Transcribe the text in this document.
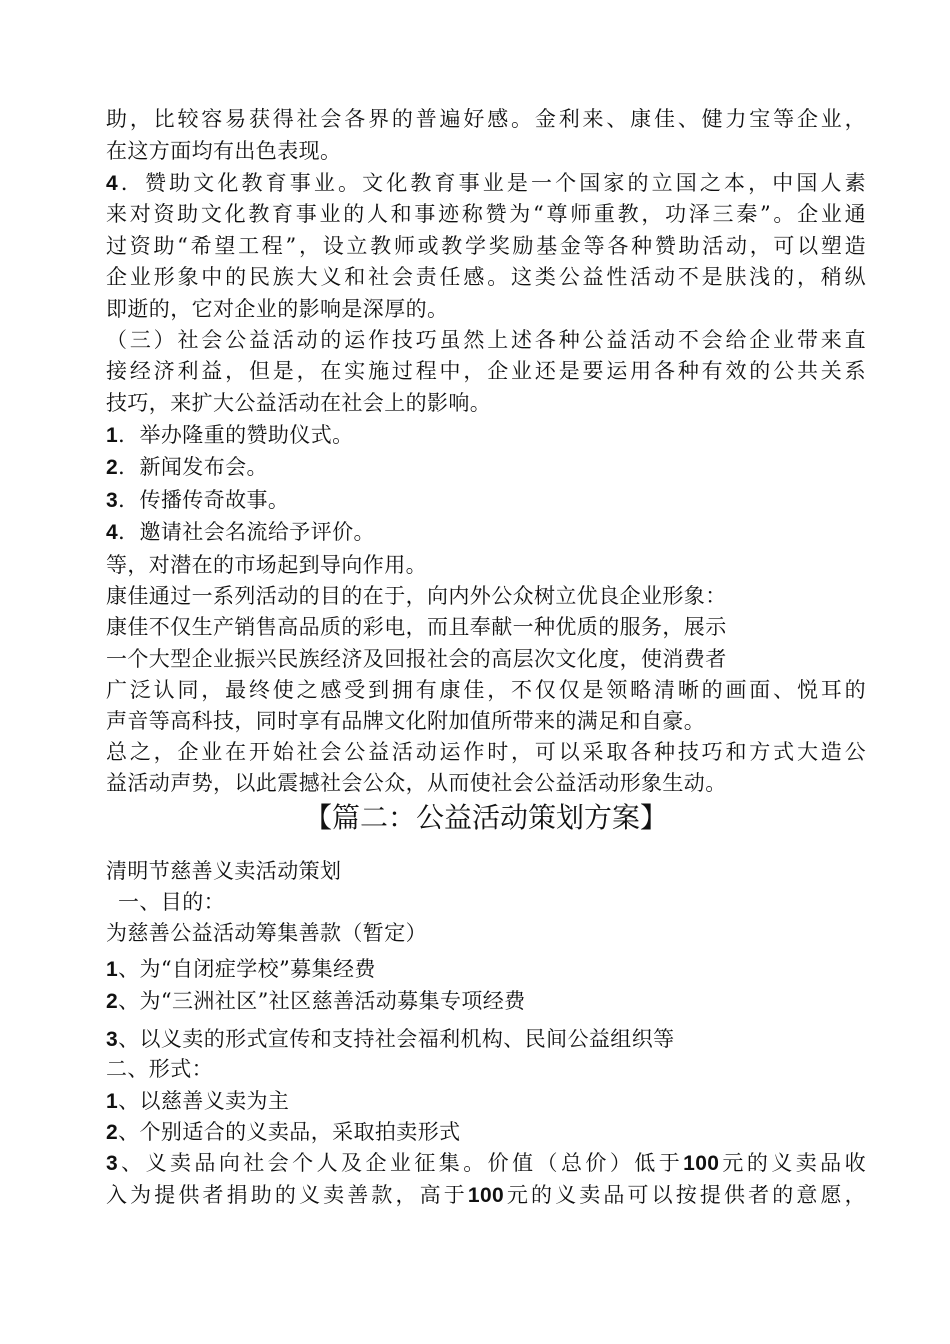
助，比较容易获得社会各界的普遍好感。金利来、康佳、健力宝等企业，
在这方面均有出色表现。
4．赞助文化教育事业。文化教育事业是一个国家的立国之本，中国人素
来对资助文化教育事业的人和事迹称赞为“尊师重教，功泽三秦”。企业通
过资助“希望工程”，设立教师或教学奖励基金等各种赞助活动，可以塑造
企业形象中的民族大义和社会责任感。这类公益性活动不是肤浅的，稍纵
即逝的，它对企业的影响是深厚的。
（三）社会公益活动的运作技巧虽然上述各种公益活动不会给企业带来直
接经济利益，但是，在实施过程中，企业还是要运用各种有效的公共关系
技巧，来扩大公益活动在社会上的影响。
1．举办隆重的赞助仪式。
2．新闻发布会。
3．传播传奇故事。
4．邀请社会名流给予评价。
等，对潜在的市场起到导向作用。
康佳通过一系列活动的目的在于，向内外公众树立优良企业形象：
康佳不仅生产销售高品质的彩电，而且奉献一种优质的服务，展示
一个大型企业振兴民族经济及回报社会的高层次文化度，使消费者
广泛认同，最终使之感受到拥有康佳，不仅仅是领略清晰的画面、悦耳的
声音等高科技，同时享有品牌文化附加值所带来的满足和自豪。
总之，企业在开始社会公益活动运作时，可以采取各种技巧和方式大造公
益活动声势，以此震撼社会公众，从而使社会公益活动形象生动。
【篇二：公益活动策划方案】
清明节慈善义卖活动策划
一、目的：
为慈善公益活动筹集善款（暂定）
1、为“自闭症学校”募集经费
2、为“三洲社区”社区慈善活动募集专项经费
3、以义卖的形式宣传和支持社会福利机构、民间公益组织等
二、形式：
1、以慈善义卖为主
2、个别适合的义卖品，采取拍卖形式
3、义卖品向社会个人及企业征集。价值（总价）低于100元的义卖品收
入为提供者捐助的义卖善款，高于100元的义卖品可以按提供者的意愿，
